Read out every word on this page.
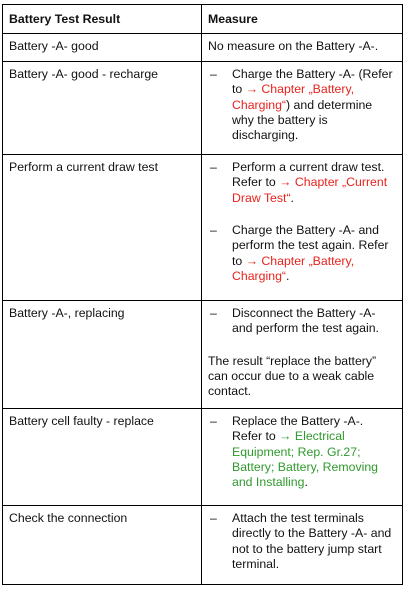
Battery Test Result	Measure

Battery -A- good	No measure on the Battery -A-.

Battery -A- good - recharge	– Charge the Battery -A- (Refer to → Chapter „Battery, Charging“) and determine why the battery is discharging.

Perform a current draw test	– Perform a current draw test. Refer to → Chapter „Current Draw Test“.
– Charge the Battery -A- and perform the test again. Refer to → Chapter „Battery, Charging“.

Battery -A-, replacing	– Disconnect the Battery -A- and perform the test again.
The result “replace the battery” can occur due to a weak cable contact.

Battery cell faulty - replace	– Replace the Battery -A-. Refer to → Electrical Equipment; Rep. Gr.27; Battery; Battery, Removing and Installing.

Check the connection	– Attach the test terminals directly to the Battery -A- and not to the battery jump start terminal.
